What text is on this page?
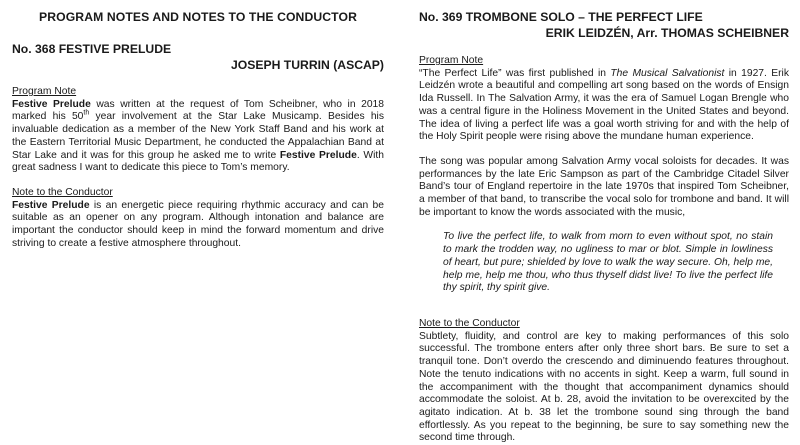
PROGRAM NOTES AND NOTES TO THE CONDUCTOR
No. 368 FESTIVE PRELUDE
JOSEPH TURRIN (ASCAP)

Program Note

Festive Prelude was written at the request of Tom Scheibner, who in 2018 marked his 50th year involvement at the Star Lake Musicamp. Besides his invaluable dedication as a member of the New York Staff Band and his work at the Eastern Territorial Music Department, he conducted the Appalachian Band at Star Lake and it was for this group he asked me to write Festive Prelude. With great sadness I want to dedicate this piece to Tom’s memory.

Note to the Conductor

Festive Prelude is an energetic piece requiring rhythmic accuracy and can be suitable as an opener on any program. Although intonation and balance are important the conductor should keep in mind the forward momentum and drive striving to create a festive atmosphere throughout.

No. 369 TROMBONE SOLO – THE PERFECT LIFE
ERIK LEIDZÉN, Arr. THOMAS SCHEIBNER

Program Note

“The Perfect Life” was first published in The Musical Salvationist in 1927. Erik Leidzén wrote a beautiful and compelling art song based on the words of Ensign Ida Russell. In The Salvation Army, it was the era of Samuel Logan Brengle who was a central figure in the Holiness Movement in the United States and beyond. The idea of living a perfect life was a goal worth striving for and with the help of the Holy Spirit people were rising above the mundane human experience.

The song was popular among Salvation Army vocal soloists for decades. It was performances by the late Eric Sampson as part of the Cambridge Citadel Silver Band’s tour of England repertoire in the late 1970s that inspired Tom Scheibner, a member of that band, to transcribe the vocal solo for trombone and band. It will be important to know the words associated with the music,

To live the perfect life, to walk from morn to even without spot, no stain to mark the trodden way, no ugliness to mar or blot. Simple in lowliness of heart, but pure; shielded by love to walk the way secure. Oh, help me, help me, help me thou, who thus thyself didst live! To live the perfect life thy spirit, thy spirit give.

Note to the Conductor

Subtlety, fluidity, and control are key to making performances of this solo successful. The trombone enters after only three short bars. Be sure to set a tranquil tone. Don’t overdo the crescendo and diminuendo features throughout. Note the tenuto indications with no accents in sight. Keep a warm, full sound in the accompaniment with the thought that accompaniment dynamics should accommodate the soloist. At b. 28, avoid the invitation to be overexcited by the agitato indication. At b. 38 let the trombone sound sing through the band effortlessly. As you repeat to the beginning, be sure to say something new the second time through.
